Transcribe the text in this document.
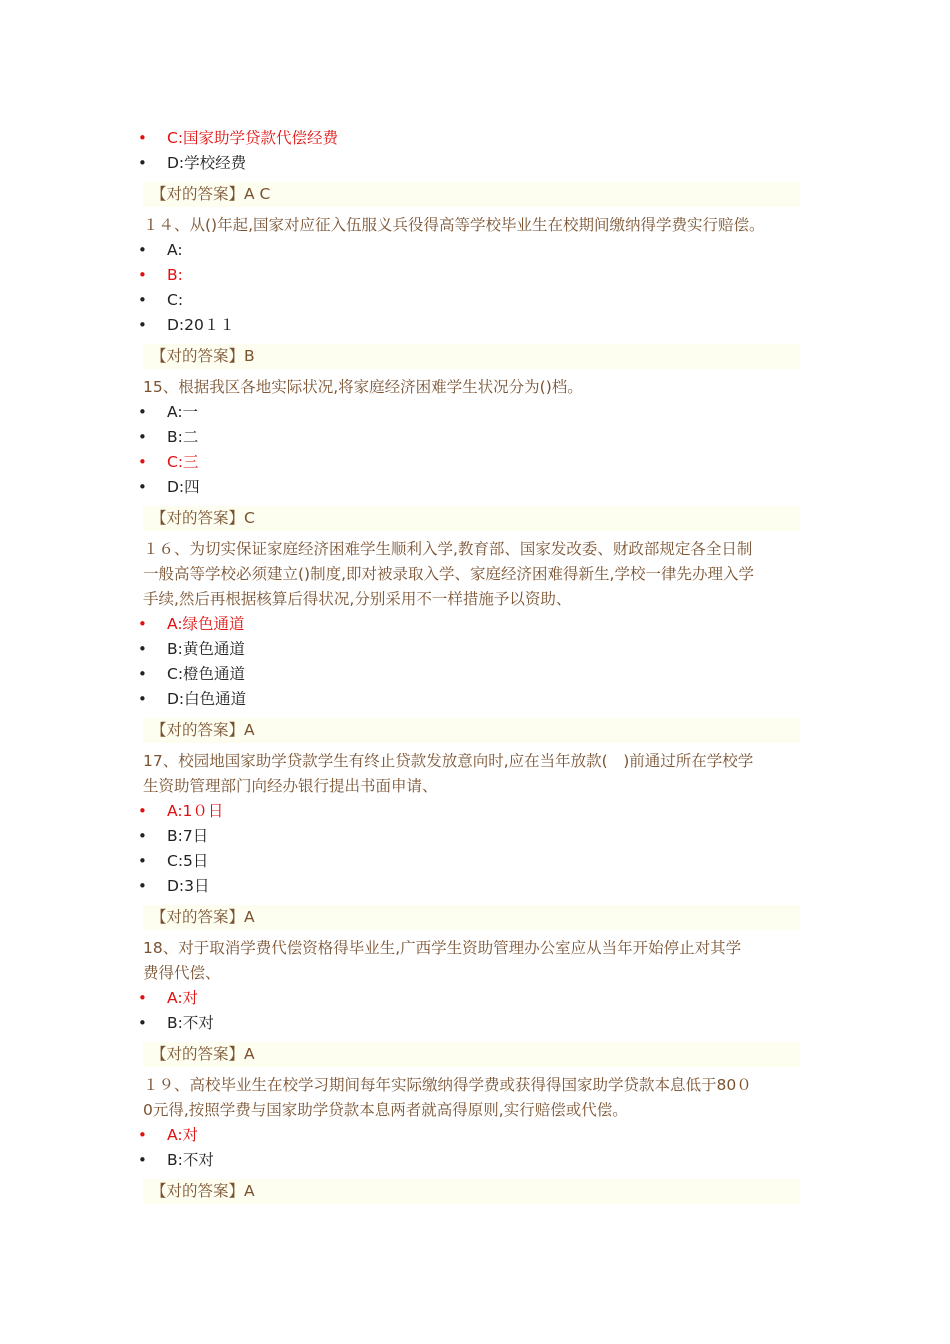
• C:国家助学贷款代偿经费
• D:学校经费
【对的答案】A C
１４、从()年起,国家对应征入伍服义兵役得高等学校毕业生在校期间缴纳得学费实行赔偿。
• A:
• B:
• C:
• D:20１１
【对的答案】B
15、根据我区各地实际状况,将家庭经济困难学生状况分为()档。
• A:一
• B:二
• C:三
• D:四
【对的答案】C
１６、为切实保证家庭经济困难学生顺利入学,教育部、国家发改委、财政部规定各全日制
一般高等学校必须建立()制度,即对被录取入学、家庭经济困难得新生,学校一律先办理入学
手续,然后再根据核算后得状况,分别采用不一样措施予以资助、
• A:绿色通道
• B:黄色通道
• C:橙色通道
• D:白色通道
【对的答案】A
17、校园地国家助学贷款学生有终止贷款发放意向时,应在当年放款(　)前通过所在学校学
生资助管理部门向经办银行提出书面申请、
• A:1０日
• B:7日
• C:5日
• D:3日
【对的答案】A
18、对于取消学费代偿资格得毕业生,广西学生资助管理办公室应从当年开始停止对其学
费得代偿、
• A:对
• B:不对
【对的答案】A
１９、高校毕业生在校学习期间每年实际缴纳得学费或获得得国家助学贷款本息低于80０
0元得,按照学费与国家助学贷款本息两者就高得原则,实行赔偿或代偿。
• A:对
• B:不对
【对的答案】A
